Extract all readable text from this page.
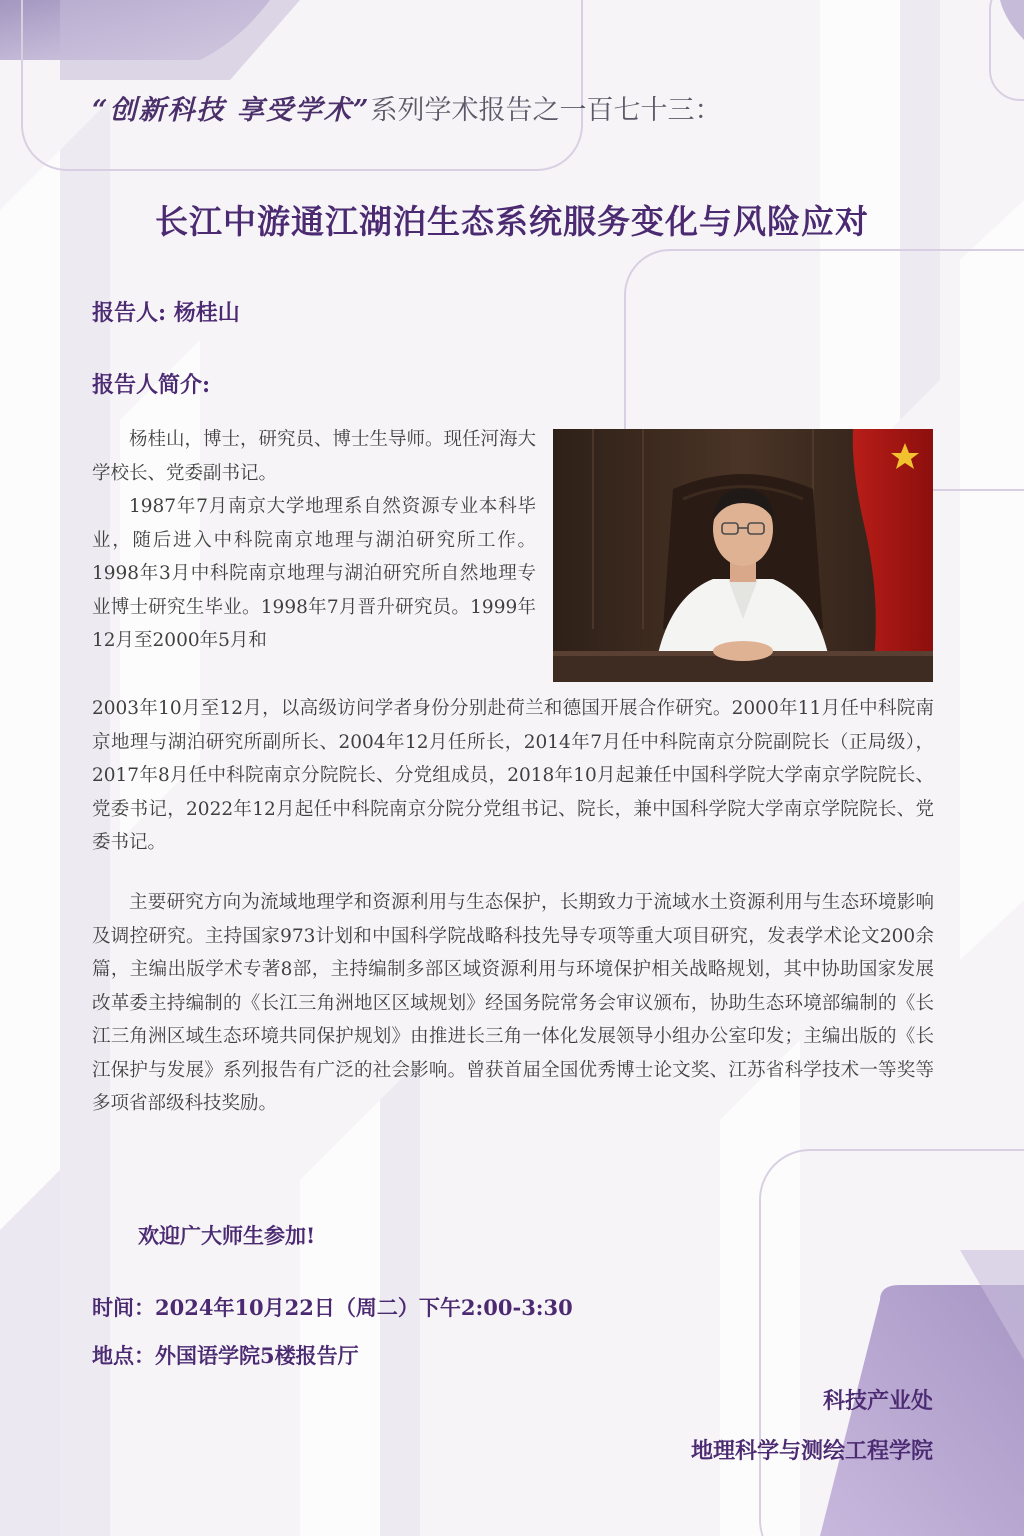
“创新科技 享受学术”系列学术报告之一百七十三：
长江中游通江湖泊生态系统服务变化与风险应对
报告人: 杨桂山
报告人简介:

杨桂山，博士，研究员、博士生导师。现任河海大学校长、党委副书记。

1987年7月南京大学地理系自然资源专业本科毕业，随后进入中科院南京地理与湖泊研究所工作。1998年3月中科院南京地理与湖泊研究所自然地理专业博士研究生毕业。1998年7月晋升研究员。1999年12月至2000年5月和

2003年10月至12月，以高级访问学者身份分别赴荷兰和德国开展合作研究。2000年11月任中科院南京地理与湖泊研究所副所长、2004年12月任所长，2014年7月任中科院南京分院副院长（正局级），2017年8月任中科院南京分院院长、分党组成员，2018年10月起兼任中国科学院大学南京学院院长、党委书记，2022年12月起任中科院南京分院分党组书记、院长，兼中国科学院大学南京学院院长、党委书记。

主要研究方向为流域地理学和资源利用与生态保护，长期致力于流域水土资源利用与生态环境影响及调控研究。主持国家973计划和中国科学院战略科技先导专项等重大项目研究，发表学术论文200余篇，主编出版学术专著8部，主持编制多部区域资源利用与环境保护相关战略规划，其中协助国家发展改革委主持编制的《长江三角洲地区区域规划》经国务院常务会审议颁布，协助生态环境部编制的《长江三角洲区域生态环境共同保护规划》由推进长三角一体化发展领导小组办公室印发；主编出版的《长江保护与发展》系列报告有广泛的社会影响。曾获首届全国优秀博士论文奖、江苏省科学技术一等奖等多项省部级科技奖励。

欢迎广大师生参加!
时间：2024年10月22日（周二）下午2:00-3:30
地点：外国语学院5楼报告厅
科技产业处
地理科学与测绘工程学院
